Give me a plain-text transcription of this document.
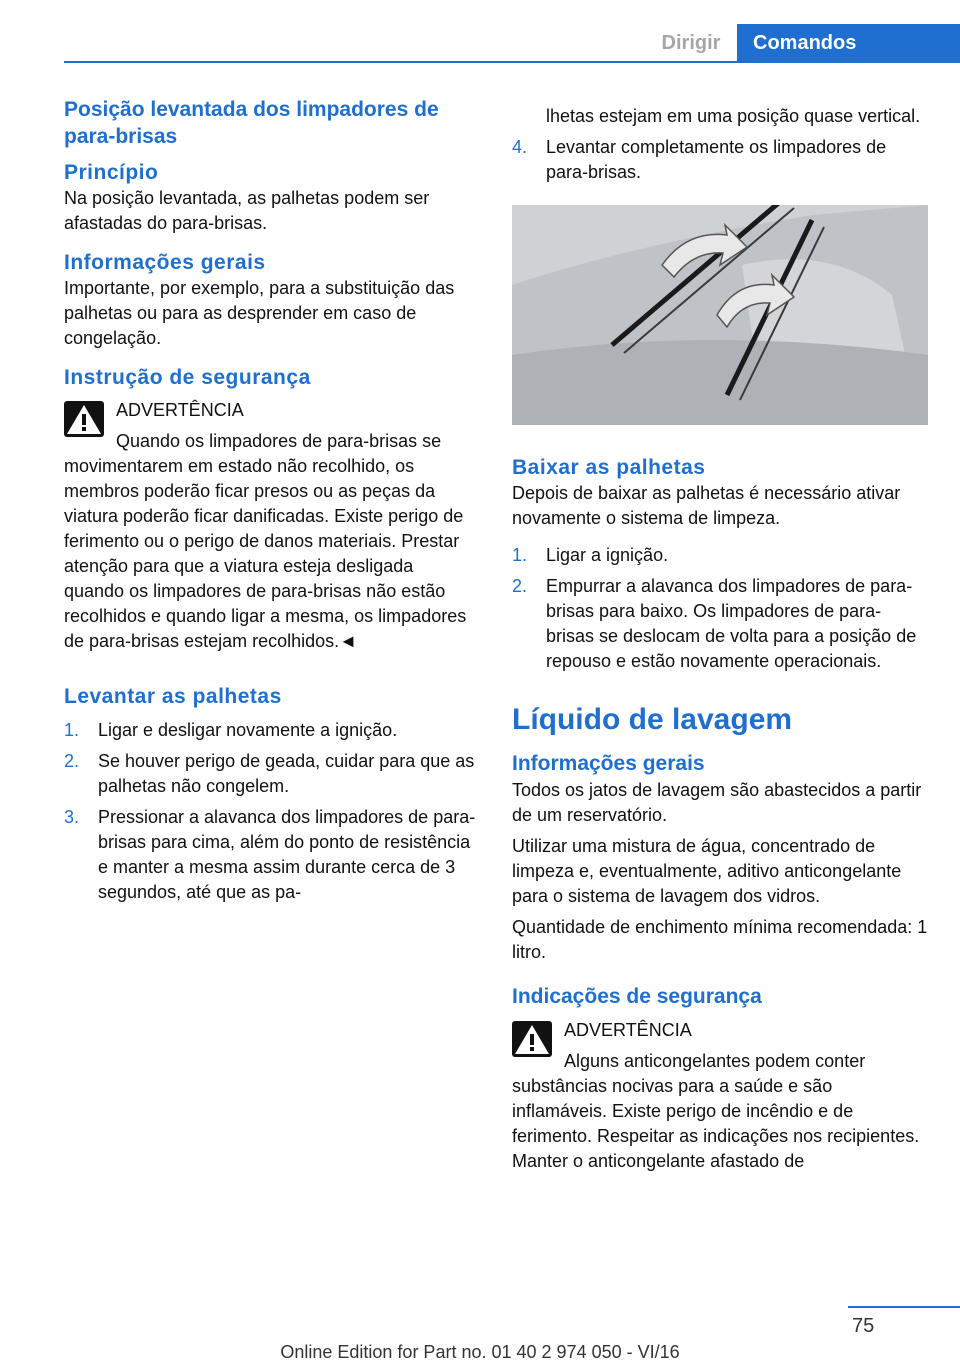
Dirigir	Comandos
Posição levantada dos limpadores de para-brisas
Princípio

Na posição levantada, as palhetas podem ser afastadas do para-brisas.

Informações gerais

Importante, por exemplo, para a substituição das palhetas ou para as desprender em caso de congelação.

Instrução de segurança
ADVERTÊNCIA
Quando os limpadores de para-brisas se

movimentarem em estado não recolhido, os membros poderão ficar presos ou as peças da viatura poderão ficar danificadas. Existe perigo de ferimento ou o perigo de danos materiais. Prestar atenção para que a viatura esteja desligada quando os limpadores de para-brisas não estão recolhidos e quando ligar a mesma, os limpadores de para-brisas estejam recolhidos.◄

Levantar as palhetas
1. Ligar e desligar novamente a ignição.
2. Se houver perigo de geada, cuidar para que as palhetas não congelem.
3. Pressionar a alavanca dos limpadores de para-brisas para cima, além do ponto de resistência e manter a mesma assim durante cerca de 3 segundos, até que as pa-
lhetas estejam em uma posição quase vertical.
4. Levantar completamente os limpadores de para-brisas.
Baixar as palhetas

Depois de baixar as palhetas é necessário ativar novamente o sistema de limpeza.

1. Ligar a ignição.
2. Empurrar a alavanca dos limpadores de para-brisas para baixo. Os limpadores de para-brisas se deslocam de volta para a posição de repouso e estão novamente operacionais.
Líquido de lavagem
Informações gerais

Todos os jatos de lavagem são abastecidos a partir de um reservatório.

Utilizar uma mistura de água, concentrado de limpeza e, eventualmente, aditivo anticongelante para o sistema de lavagem dos vidros.

Quantidade de enchimento mínima recomendada: 1 litro.

Indicações de segurança
ADVERTÊNCIA
Alguns anticongelantes podem conter

substâncias nocivas para a saúde e são inflamáveis. Existe perigo de incêndio e de ferimento. Respeitar as indicações nos recipientes. Manter o anticongelante afastado de

75
Online Edition for Part no. 01 40 2 974 050 - VI/16
